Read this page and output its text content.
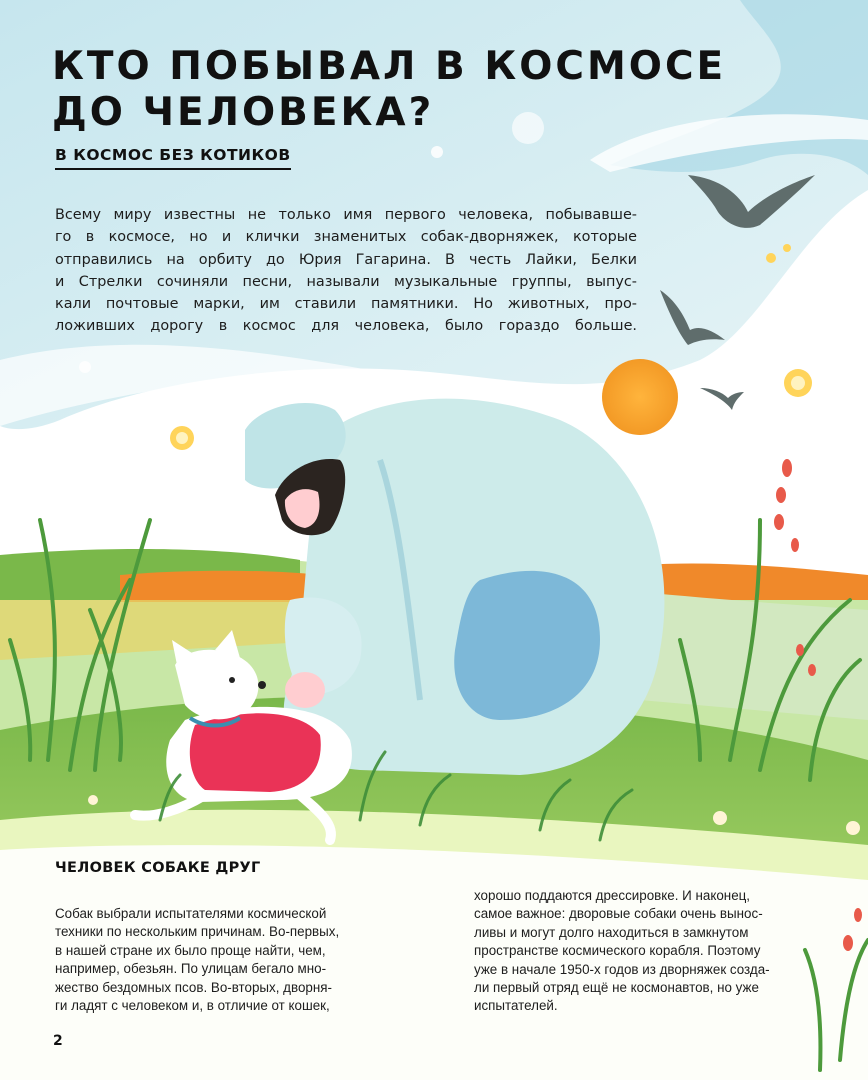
КТО ПОБЫВАЛ В КОСМОСЕ
ДО ЧЕЛОВЕКА?
В КОСМОС БЕЗ КОТИКОВ

Всему миру известны не только имя первого человека, побывавше-
го в космосе, но и клички знаменитых собак-дворняжек, которые
отправились на орбиту до Юрия Гагарина. В честь Лайки, Белки
и Стрелки сочиняли песни, называли музыкальные группы, выпус-
кали почтовые марки, им ставили памятники. Но животных, про-
ложивших дорогу в космос для человека, было гораздо больше.

ЧЕЛОВЕК СОБАКЕ ДРУГ

Собак выбрали испытателями космической
техники по нескольким причинам. Во-первых,
в нашей стране их было проще найти, чем,
например, обезьян. По улицам бегало мно-
жество бездомных псов. Во-вторых, дворня-
ги ладят с человеком и, в отличие от кошек,

хорошо поддаются дрессировке. И наконец,
самое важное: дворовые собаки очень вынос-
ливы и могут долго находиться в замкнутом
пространстве космического корабля. Поэтому
уже в начале 1950-х годов из дворняжек созда-
ли первый отряд ещё не космонавтов, но уже
испытателей.

2
